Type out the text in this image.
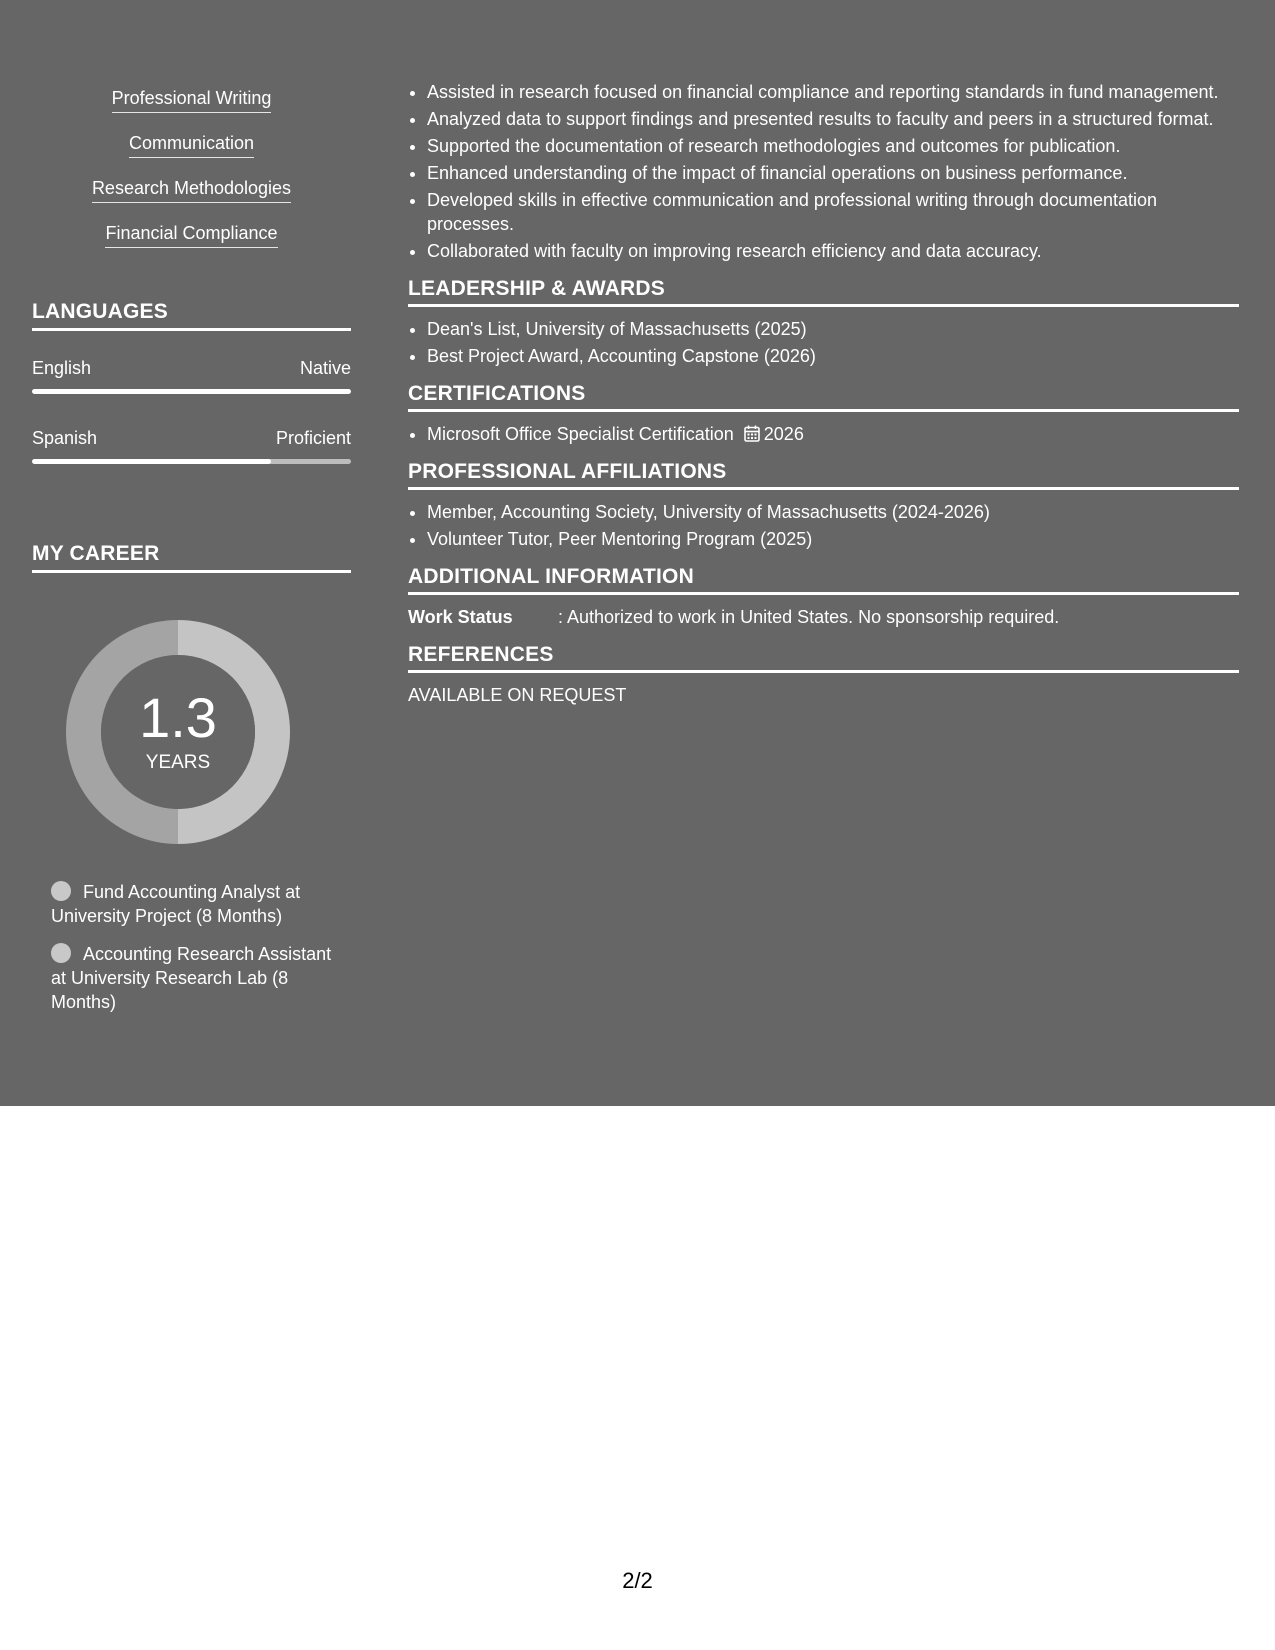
Professional Writing
Communication
Research Methodologies
Financial Compliance
LANGUAGES
English	Native
Spanish	Proficient
MY CAREER
1.3
YEARS
Fund Accounting Analyst at University Project (8 Months)
Accounting Research Assistant at University Research Lab (8 Months)
• Assisted in research focused on financial compliance and reporting standards in fund management.
• Analyzed data to support findings and presented results to faculty and peers in a structured format.
• Supported the documentation of research methodologies and outcomes for publication.
• Enhanced understanding of the impact of financial operations on business performance.
• Developed skills in effective communication and professional writing through documentation processes.
• Collaborated with faculty on improving research efficiency and data accuracy.
LEADERSHIP & AWARDS
• Dean's List, University of Massachusetts (2025)
• Best Project Award, Accounting Capstone (2026)
CERTIFICATIONS
• Microsoft Office Specialist Certification 2026
PROFESSIONAL AFFILIATIONS
• Member, Accounting Society, University of Massachusetts (2024-2026)
• Volunteer Tutor, Peer Mentoring Program (2025)
ADDITIONAL INFORMATION
Work Status	: Authorized to work in United States. No sponsorship required.
REFERENCES
AVAILABLE ON REQUEST
2/2
